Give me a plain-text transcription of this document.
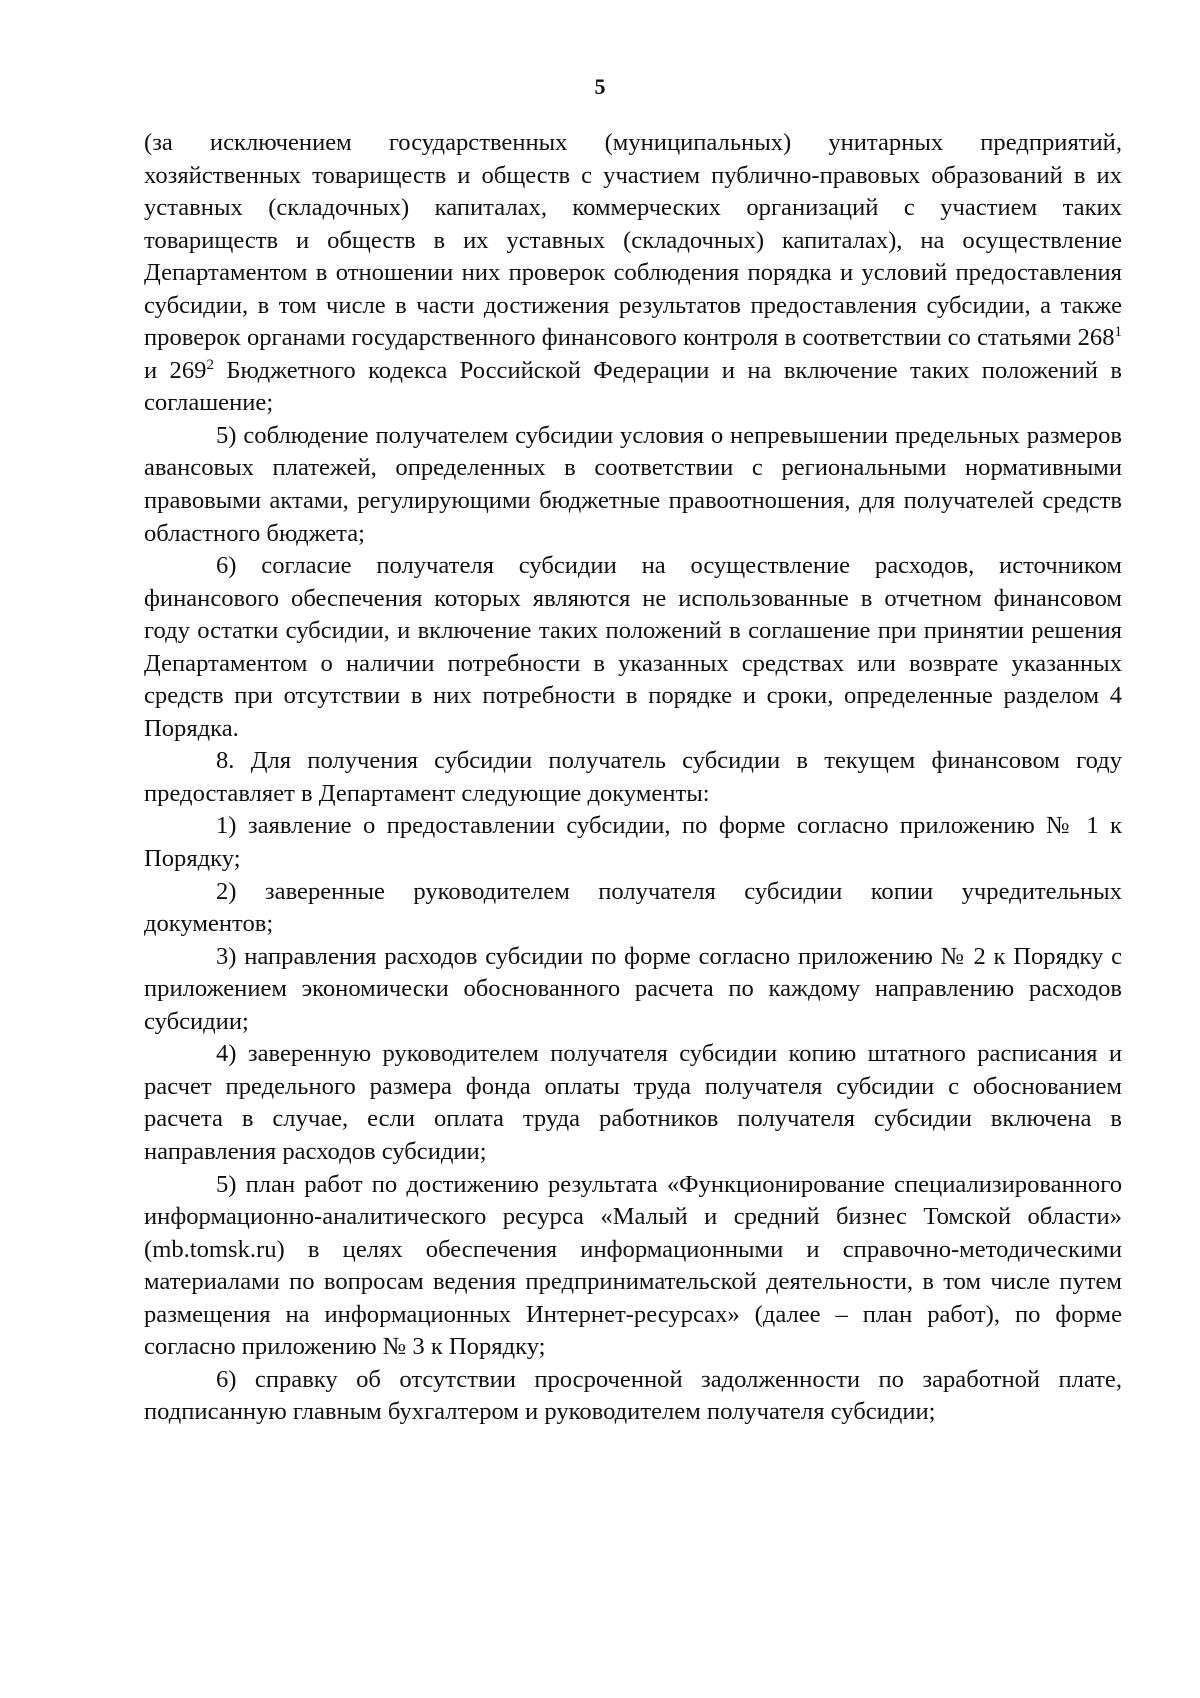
5

(за исключением государственных (муниципальных) унитарных предприятий, хозяйственных товариществ и обществ с участием публично-правовых образований в их уставных (складочных) капиталах, коммерческих организаций с участием таких товариществ и обществ в их уставных (складочных) капиталах), на осуществление Департаментом в отношении них проверок соблюдения порядка и условий предоставления субсидии, в том числе в части достижения результатов предоставления субсидии, а также проверок органами государственного финансового контроля в соответствии со статьями $268^1$ и $269^2$ Бюджетного кодекса Российской Федерации и на включение таких положений в соглашение;

5) соблюдение получателем субсидии условия о непревышении предельных размеров авансовых платежей, определенных в соответствии с региональными нормативными правовыми актами, регулирующими бюджетные правоотношения, для получателей средств областного бюджета;

6) согласие получателя субсидии на осуществление расходов, источником финансового обеспечения которых являются не использованные в отчетном финансовом году остатки субсидии, и включение таких положений в соглашение при принятии решения Департаментом о наличии потребности в указанных средствах или возврате указанных средств при отсутствии в них потребности в порядке и сроки, определенные разделом 4 Порядка.

8. Для получения субсидии получатель субсидии в текущем финансовом году предоставляет в Департамент следующие документы:

1) заявление о предоставлении субсидии, по форме согласно приложению № 1 к Порядку;

2) заверенные руководителем получателя субсидии копии учредительных документов;

3) направления расходов субсидии по форме согласно приложению № 2 к Порядку с приложением экономически обоснованного расчета по каждому направлению расходов субсидии;

4) заверенную руководителем получателя субсидии копию штатного расписания и расчет предельного размера фонда оплаты труда получателя субсидии с обоснованием расчета в случае, если оплата труда работников получателя субсидии включена в направления расходов субсидии;

5) план работ по достижению результата «Функционирование специализированного информационно-аналитического ресурса «Малый и средний бизнес Томской области» (mb.tomsk.ru) в целях обеспечения информационными и справочно-методическими материалами по вопросам ведения предпринимательской деятельности, в том числе путем размещения на информационных Интернет-ресурсах» (далее – план работ), по форме согласно приложению № 3 к Порядку;

6) справку об отсутствии просроченной задолженности по заработной плате, подписанную главным бухгалтером и руководителем получателя субсидии;
